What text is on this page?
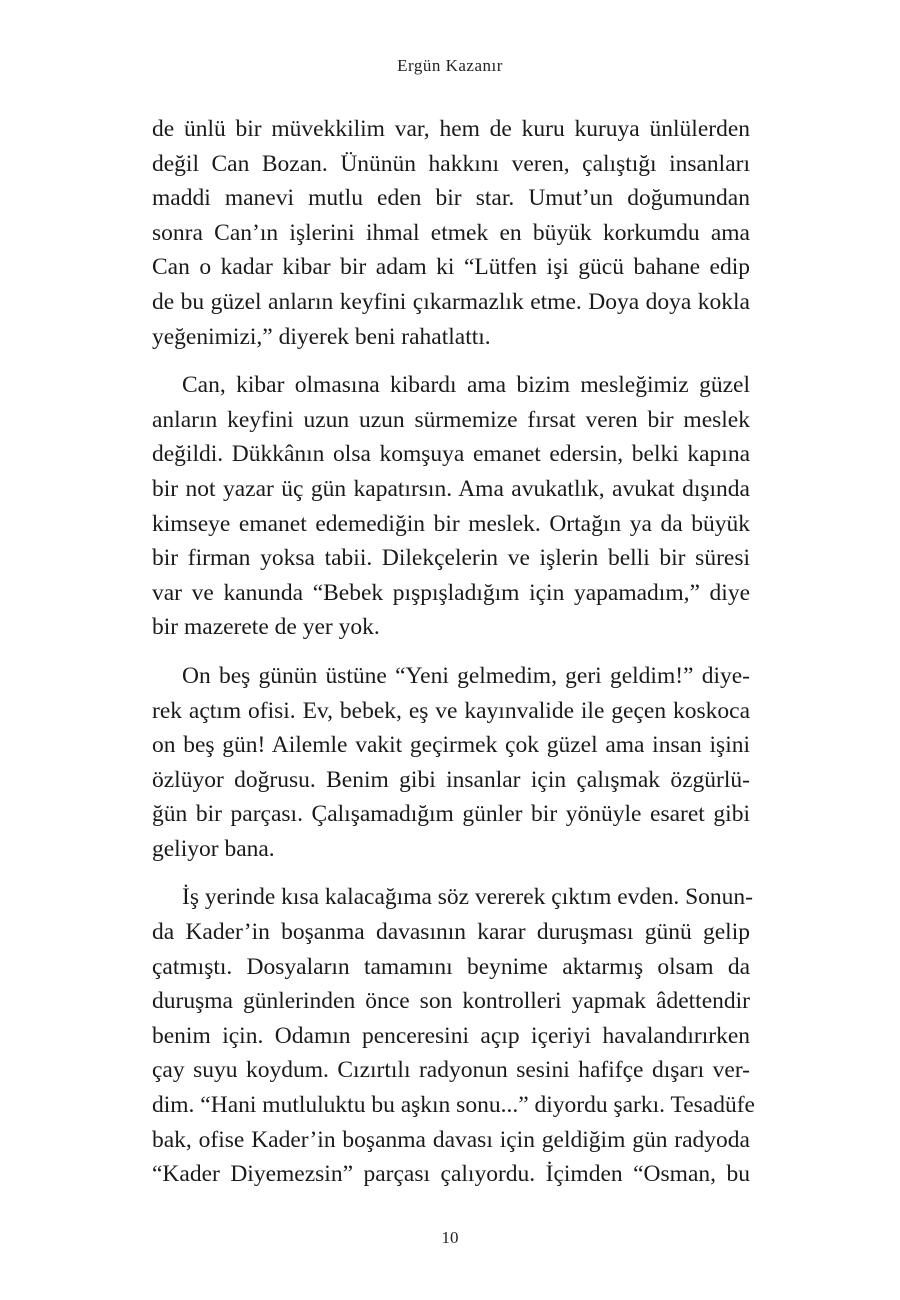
Ergün Kazanır
de ünlü bir müvekkilim var, hem de kuru kuruya ünlülerden
değil Can Bozan. Ününün hakkını veren, çalıştığı insanları
maddi manevi mutlu eden bir star. Umut’un doğumundan
sonra Can’ın işlerini ihmal etmek en büyük korkumdu ama
Can o kadar kibar bir adam ki “Lütfen işi gücü bahane edip
de bu güzel anların keyfini çıkarmazlık etme. Doya doya kokla
yeğenimizi,” diyerek beni rahatlattı.
Can, kibar olmasına kibardı ama bizim mesleğimiz güzel
anların keyfini uzun uzun sürmemize fırsat veren bir meslek
değildi. Dükkânın olsa komşuya emanet edersin, belki kapına
bir not yazar üç gün kapatırsın. Ama avukatlık, avukat dışında
kimseye emanet edemediğin bir meslek. Ortağın ya da büyük
bir firman yoksa tabii. Dilekçelerin ve işlerin belli bir süresi
var ve kanunda “Bebek pışpışladığım için yapamadım,” diye
bir mazerete de yer yok.
On beş günün üstüne “Yeni gelmedim, geri geldim!” diye-
rek açtım ofisi. Ev, bebek, eş ve kayınvalide ile geçen koskoca
on beş gün! Ailemle vakit geçirmek çok güzel ama insan işini
özlüyor doğrusu. Benim gibi insanlar için çalışmak özgürlü-
ğün bir parçası. Çalışamadığım günler bir yönüyle esaret gibi
geliyor bana.
İş yerinde kısa kalacağıma söz vererek çıktım evden. Sonun-
da Kader’in boşanma davasının karar duruşması günü gelip
çatmıştı. Dosyaların tamamını beynime aktarmış olsam da
duruşma günlerinden önce son kontrolleri yapmak âdettendir
benim için. Odamın penceresini açıp içeriyi havalandırırken
çay suyu koydum. Cızırtılı radyonun sesini hafifçe dışarı ver-
dim. “Hani mutluluktu bu aşkın sonu...” diyordu şarkı. Tesadüfe
bak, ofise Kader’in boşanma davası için geldiğim gün radyoda
“Kader Diyemezsin” parçası çalıyordu. İçimden “Osman, bu
10
